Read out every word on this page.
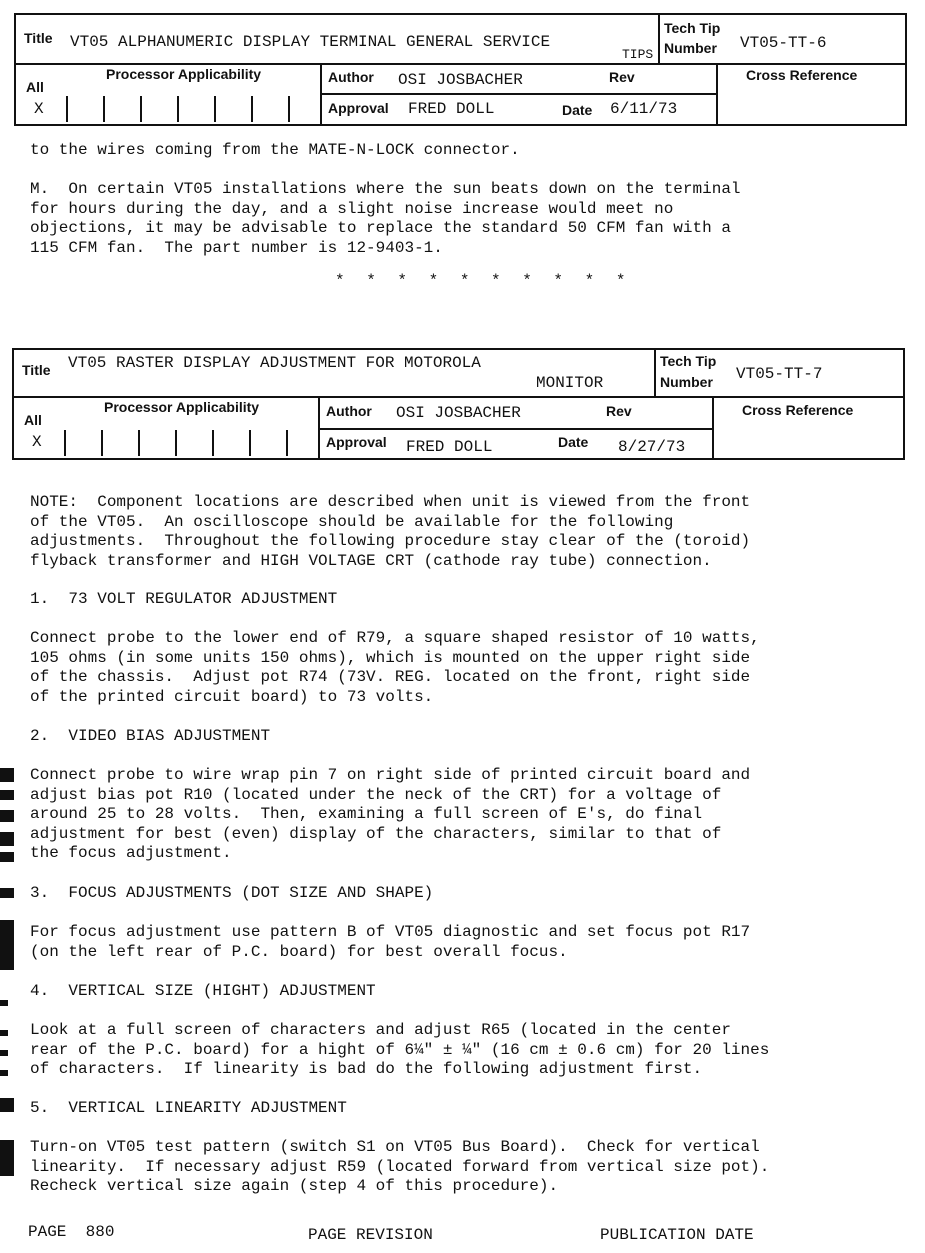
Title VT05 ALPHANUMERIC DISPLAY TERMINAL GENERAL SERVICE
TIPS
Tech Tip
Number VT05-TT-6
Processor Applicability
All
X
Author OSI JOSBACHER	Rev
Approval FRED DOLL	Date 6/11/73
Cross Reference
to the wires coming from the MATE-N-LOCK connector.
M.  On certain VT05 installations where the sun beats down on the terminal
for hours during the day, and a slight noise increase would meet no
objections, it may be advisable to replace the standard 50 CFM fan with a
115 CFM fan.  The part number is 12-9403-1.
* * * * * * * * * *
Title VT05 RASTER DISPLAY ADJUSTMENT FOR MOTOROLA
MONITOR
Tech Tip
Number VT05-TT-7
Processor Applicability
All
X
Author OSI JOSBACHER	Rev
Approval FRED DOLL	Date 8/27/73
Cross Reference
NOTE:  Component locations are described when unit is viewed from the front
of the VT05.  An oscilloscope should be available for the following
adjustments.  Throughout the following procedure stay clear of the (toroid)
flyback transformer and HIGH VOLTAGE CRT (cathode ray tube) connection.
1.  73 VOLT REGULATOR ADJUSTMENT
Connect probe to the lower end of R79, a square shaped resistor of 10 watts,
105 ohms (in some units 150 ohms), which is mounted on the upper right side
of the chassis.  Adjust pot R74 (73V. REG. located on the front, right side
of the printed circuit board) to 73 volts.
2.  VIDEO BIAS ADJUSTMENT
Connect probe to wire wrap pin 7 on right side of printed circuit board and
adjust bias pot R10 (located under the neck of the CRT) for a voltage of
around 25 to 28 volts.  Then, examining a full screen of E's, do final
adjustment for best (even) display of the characters, similar to that of
the focus adjustment.
3.  FOCUS ADJUSTMENTS (DOT SIZE AND SHAPE)
For focus adjustment use pattern B of VT05 diagnostic and set focus pot R17
(on the left rear of P.C. board) for best overall focus.
4.  VERTICAL SIZE (HIGHT) ADJUSTMENT
Look at a full screen of characters and adjust R65 (located in the center
rear of the P.C. board) for a hight of 6¼" ± ¼" (16 cm ± 0.6 cm) for 20 lines
of characters.  If linearity is bad do the following adjustment first.
5.  VERTICAL LINEARITY ADJUSTMENT
Turn-on VT05 test pattern (switch S1 on VT05 Bus Board).  Check for vertical
linearity.  If necessary adjust R59 (located forward from vertical size pot).
Recheck vertical size again (step 4 of this procedure).
PAGE  880	PAGE REVISION	PUBLICATION DATE
